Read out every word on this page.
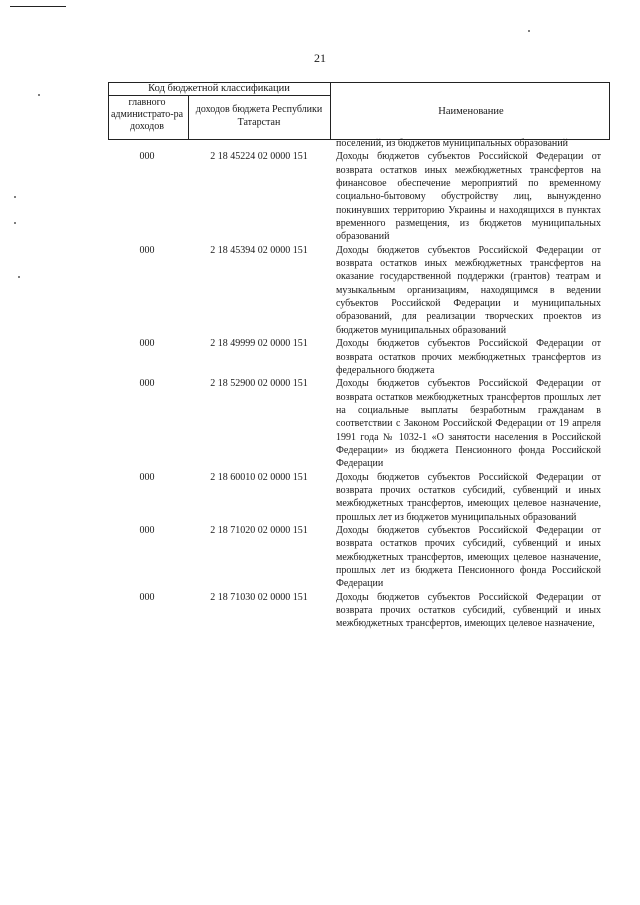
21
Код бюджетной классификации
главного администрато-ра доходов
доходов бюджета Республики Татарстан
Наименование
поселений, из бюджетов муниципальных образований
000	2 18 45224 02 0000 151	Доходы бюджетов субъектов Российской Федерации от возврата остатков иных межбюджетных трансфертов на финансовое обеспечение мероприятий по временному социально-бытовому обустройству лиц, вынужденно покинувших территорию Украины и находящихся в пунктах временного размещения, из бюджетов муниципальных образований
000	2 18 45394 02 0000 151	Доходы бюджетов субъектов Российской Федерации от возврата остатков иных межбюджетных трансфертов на оказание государственной поддержки (грантов) театрам и музыкальным организациям, находящимся в ведении субъектов Российской Федерации и муниципальных образований, для реализации творческих проектов из бюджетов муниципальных образований
000	2 18 49999 02 0000 151	Доходы бюджетов субъектов Российской Федерации от возврата остатков прочих межбюджетных трансфертов из федерального бюджета
000	2 18 52900 02 0000 151	Доходы бюджетов субъектов Российской Федерации от возврата остатков межбюджетных трансфертов прошлых лет на социальные выплаты безработным гражданам в соответствии с Законом Российской Федерации от 19 апреля 1991 года № 1032-1 «О занятости населения в Российской Федерации» из бюджета Пенсионного фонда Российской Федерации
000	2 18 60010 02 0000 151	Доходы бюджетов субъектов Российской Федерации от возврата прочих остатков субсидий, субвенций и иных межбюджетных трансфертов, имеющих целевое назначение, прошлых лет из бюджетов муниципальных образований
000	2 18 71020 02 0000 151	Доходы бюджетов субъектов Российской Федерации от возврата остатков прочих субсидий, субвенций и иных межбюджетных трансфертов, имеющих целевое назначение, прошлых лет из бюджета Пенсионного фонда Российской Федерации
000	2 18 71030 02 0000 151	Доходы бюджетов субъектов Российской Федерации от возврата прочих остатков субсидий, субвенций и иных межбюджетных трансфертов, имеющих целевое назначение,
